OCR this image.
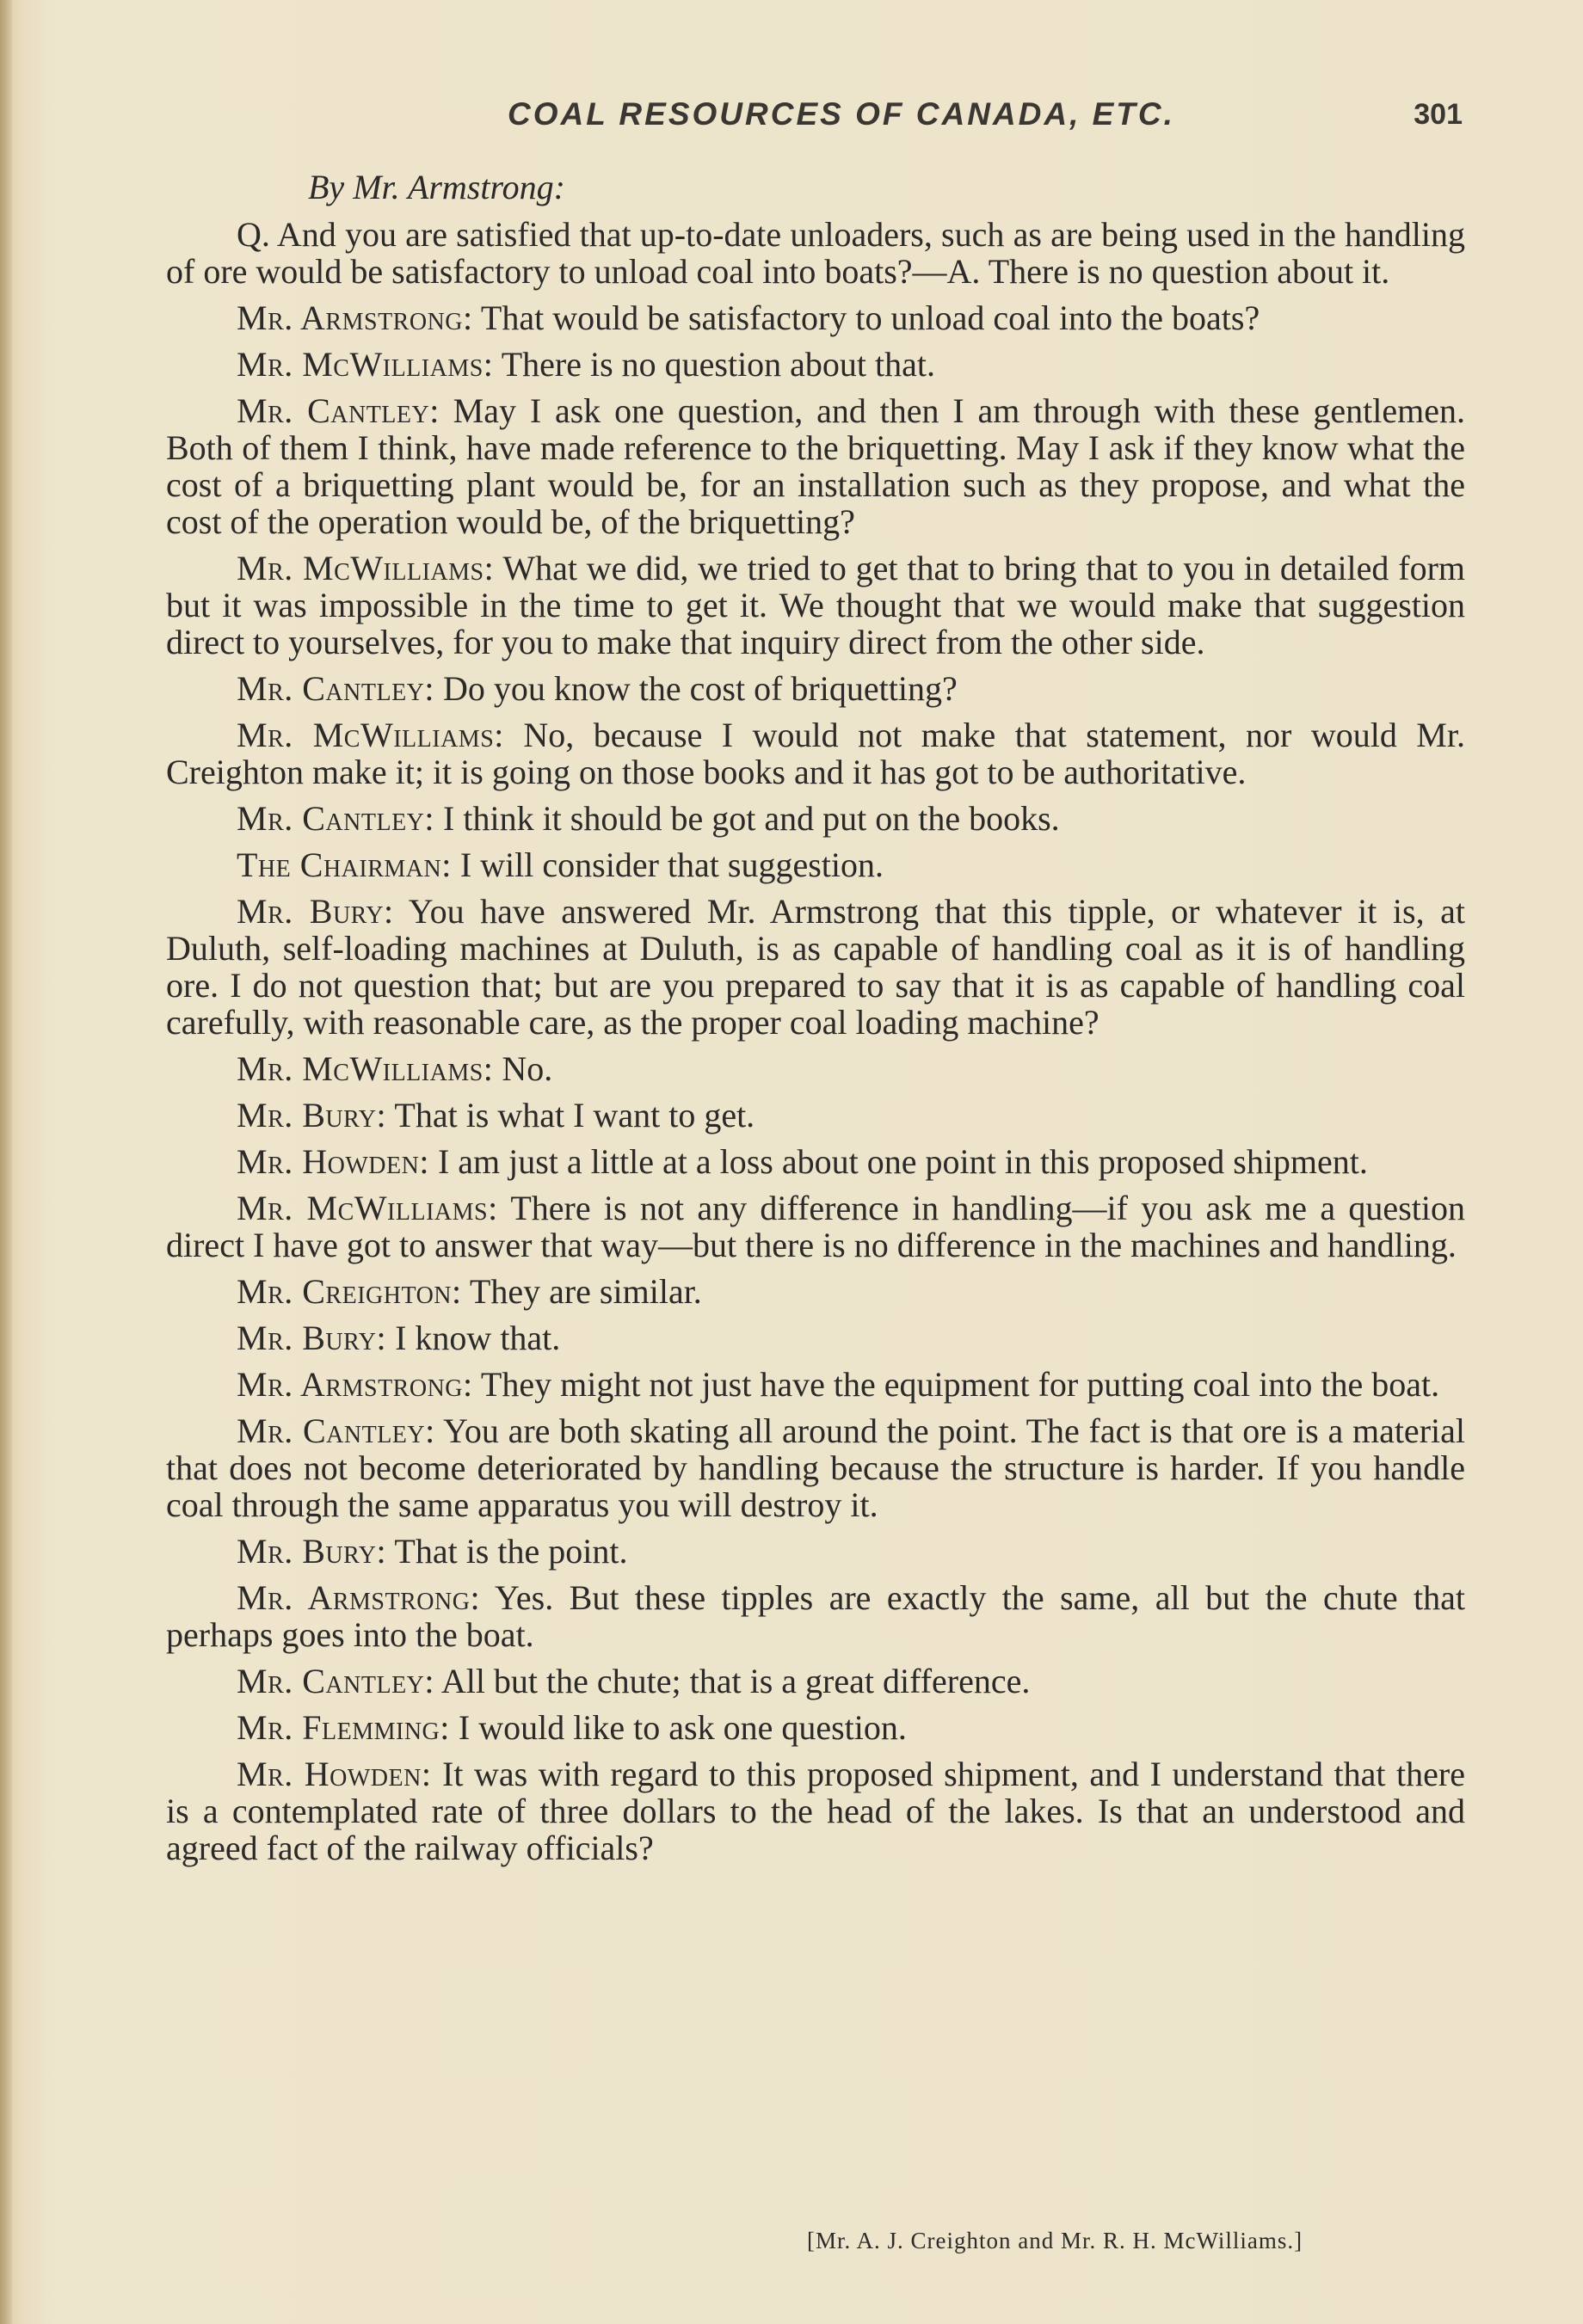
COAL RESOURCES OF CANADA, ETC.	301

By Mr. Armstrong:

Q. And you are satisfied that up-to-date unloaders, such as are being used in the handling of ore would be satisfactory to unload coal into boats?—A. There is no question about it.

Mr. Armstrong: That would be satisfactory to unload coal into the boats?

Mr. McWilliams: There is no question about that.

Mr. Cantley: May I ask one question, and then I am through with these gentlemen. Both of them I think, have made reference to the briquetting. May I ask if they know what the cost of a briquetting plant would be, for an installation such as they propose, and what the cost of the operation would be, of the briquetting?

Mr. McWilliams: What we did, we tried to get that to bring that to you in detailed form but it was impossible in the time to get it. We thought that we would make that suggestion direct to yourselves, for you to make that inquiry direct from the other side.

Mr. Cantley: Do you know the cost of briquetting?

Mr. McWilliams: No, because I would not make that statement, nor would Mr. Creighton make it; it is going on those books and it has got to be authoritative.

Mr. Cantley: I think it should be got and put on the books.

The Chairman: I will consider that suggestion.

Mr. Bury: You have answered Mr. Armstrong that this tipple, or whatever it is, at Duluth, self-loading machines at Duluth, is as capable of handling coal as it is of handling ore. I do not question that; but are you prepared to say that it is as capable of handling coal carefully, with reasonable care, as the proper coal loading machine?

Mr. McWilliams: No.

Mr. Bury: That is what I want to get.

Mr. Howden: I am just a little at a loss about one point in this proposed shipment.

Mr. McWilliams: There is not any difference in handling—if you ask me a question direct I have got to answer that way—but there is no difference in the machines and handling.

Mr. Creighton: They are similar.

Mr. Bury: I know that.

Mr. Armstrong: They might not just have the equipment for putting coal into the boat.

Mr. Cantley: You are both skating all around the point. The fact is that ore is a material that does not become deteriorated by handling because the structure is harder. If you handle coal through the same apparatus you will destroy it.

Mr. Bury: That is the point.

Mr. Armstrong: Yes. But these tipples are exactly the same, all but the chute that perhaps goes into the boat.

Mr. Cantley: All but the chute; that is a great difference.

Mr. Flemming: I would like to ask one question.

Mr. Howden: It was with regard to this proposed shipment, and I understand that there is a contemplated rate of three dollars to the head of the lakes. Is that an understood and agreed fact of the railway officials?

[Mr. A. J. Creighton and Mr. R. H. McWilliams.]
